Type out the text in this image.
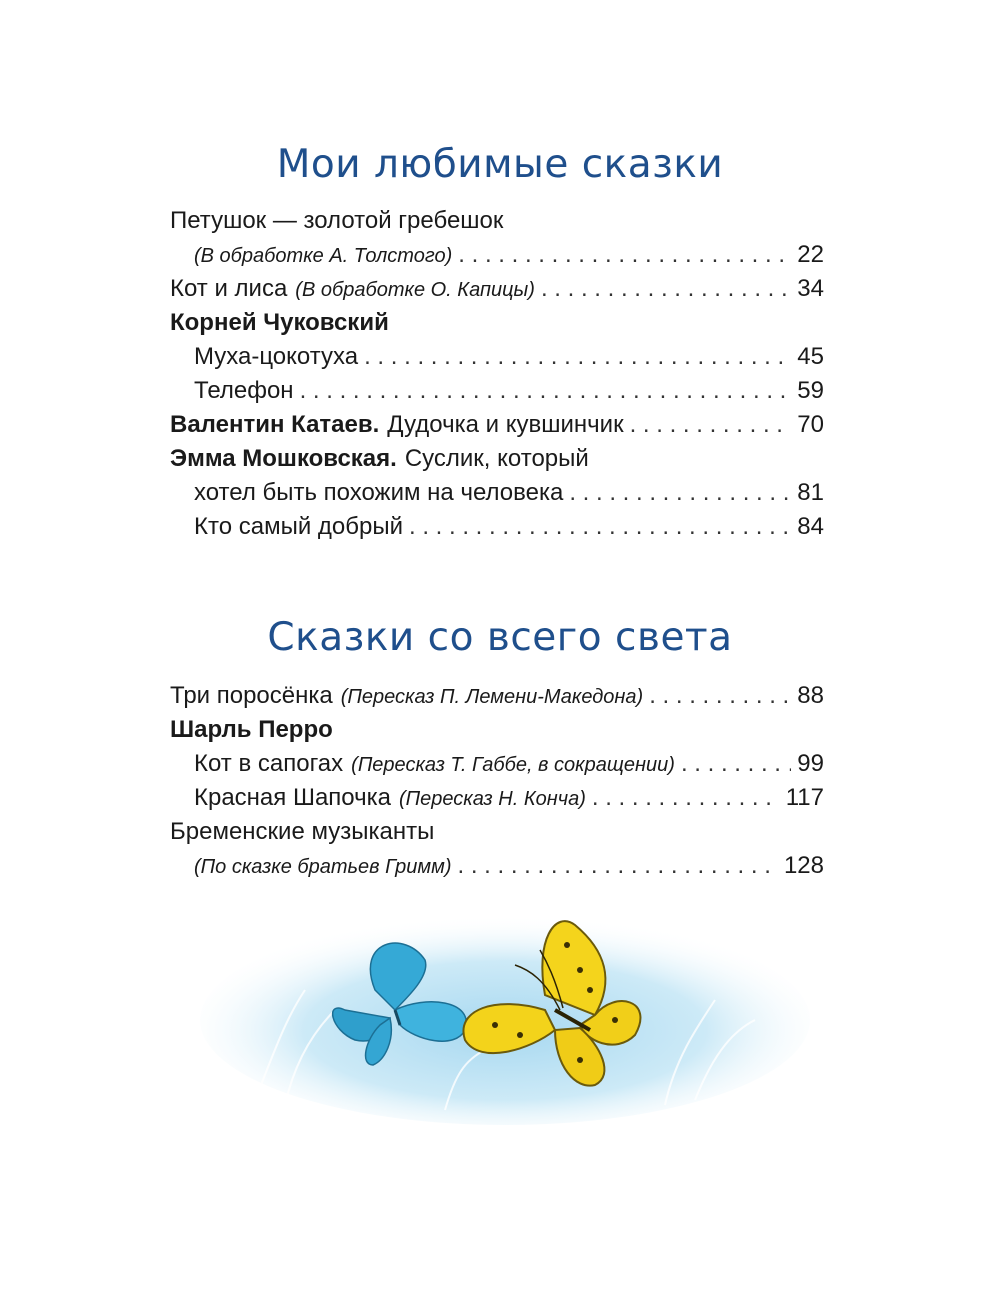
Мои любимые сказки
Петушок — золотой гребешок
(В обработке А. Толстого) . . .	22
Кот и лиса (В обработке О. Капицы) . . .	34
Корней Чуковский
Муха-цокотуха . . .	45
Телефон . . .	59
Валентин Катаев. Дудочка и кувшинчик . . .	70
Эмма Мошковская. Суслик, который
хотел быть похожим на человека . . .	81
Кто самый добрый . . .	84
Сказки со всего света
Три поросёнка (Пересказ П. Лемени-Македона) . . .	88
Шарль Перро
Кот в сапогах (Пересказ Т. Габбе, в сокращении) . . .	99
Красная Шапочка (Пересказ Н. Конча) . . .	117
Бременские музыканты
(По сказке братьев Гримм) . . .	128
